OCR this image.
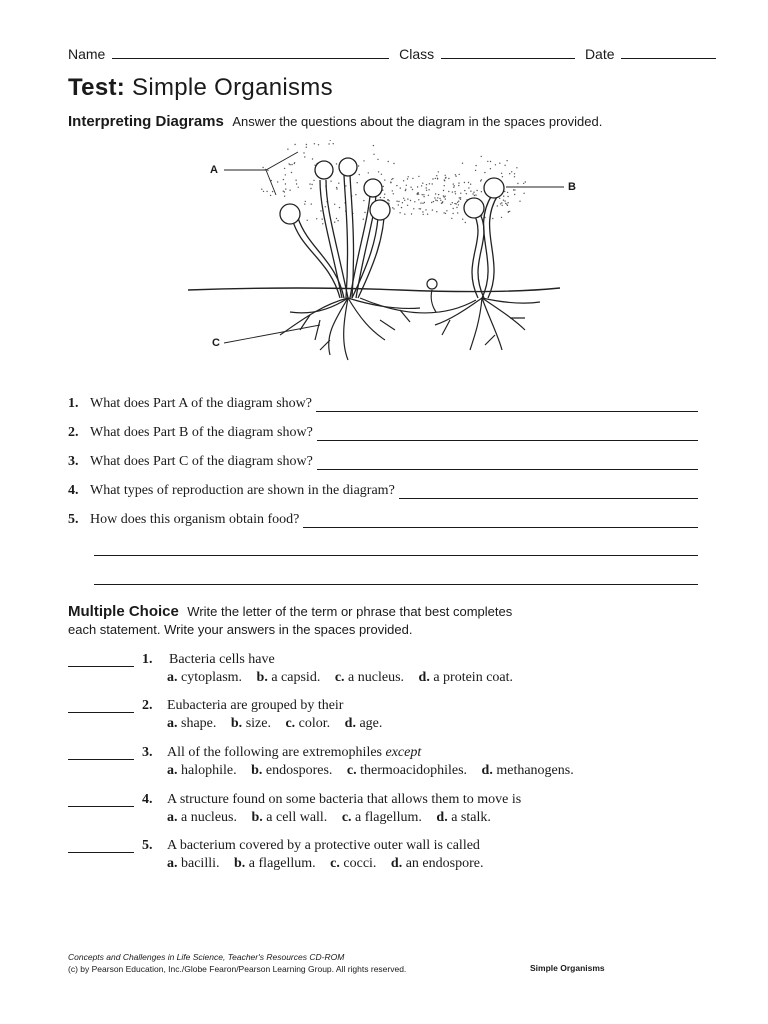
Name	Class	Date
Test: Simple Organisms
Interpreting Diagrams Answer the questions about the diagram in the spaces provided.
A
B
C
1. What does Part A of the diagram show?
2. What does Part B of the diagram show?
3. What does Part C of the diagram show?
4. What types of reproduction are shown in the diagram?
5. How does this organism obtain food?
Multiple Choice Write the letter of the term or phrase that best completes
each statement. Write your answers in the spaces provided.
1. Bacteria cells have
a. cytoplasm. b. a capsid. c. a nucleus. d. a protein coat.
2. Eubacteria are grouped by their
a. shape. b. size. c. color. d. age.
3. All of the following are extremophiles except
a. halophile. b. endospores. c. thermoacidophiles. d. methanogens.
4. A structure found on some bacteria that allows them to move is
a. a nucleus. b. a cell wall. c. a flagellum. d. a stalk.
5. A bacterium covered by a protective outer wall is called
a. bacilli. b. a flagellum. c. cocci. d. an endospore.
Concepts and Challenges in Life Science, Teacher's Resources CD-ROM
(c) by Pearson Education, Inc./Globe Fearon/Pearson Learning Group. All rights reserved.	Simple Organisms
